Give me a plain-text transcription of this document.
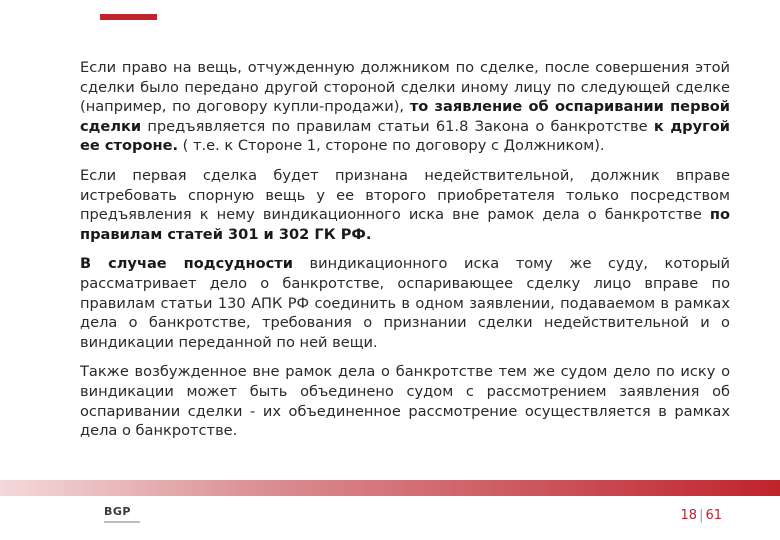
Если право на вещь, отчужденную должником по сделке, после совершения этой сделки было передано другой стороной сделки иному лицу по следующей сделке (например, по договору купли-продажи), то заявление об оспаривании первой сделки предъявляется по правилам статьи 61.8 Закона о банкротстве к другой ее стороне. ( т.е. к Стороне 1, стороне по договору с Должником).

Если первая сделка будет признана недействительной, должник вправе истребовать спорную вещь у ее второго приобретателя только посредством предъявления к нему виндикационного иска вне рамок дела о банкротстве по правилам статей 301 и 302 ГК РФ.

В случае подсудности виндикационного иска тому же суду, который рассматривает дело о банкротстве, оспаривающее сделку лицо вправе по правилам статьи 130 АПК РФ соединить в одном заявлении, подаваемом в рамках дела о банкротстве, требования о признании сделки недействительной и о виндикации переданной по ней вещи.

Также возбужденное вне рамок дела о банкротстве тем же судом дело по иску о виндикации может быть объединено судом с рассмотрением заявления об оспаривании сделки - их объединенное рассмотрение осуществляется в рамках дела о банкротстве.

BGP	18 | 61
